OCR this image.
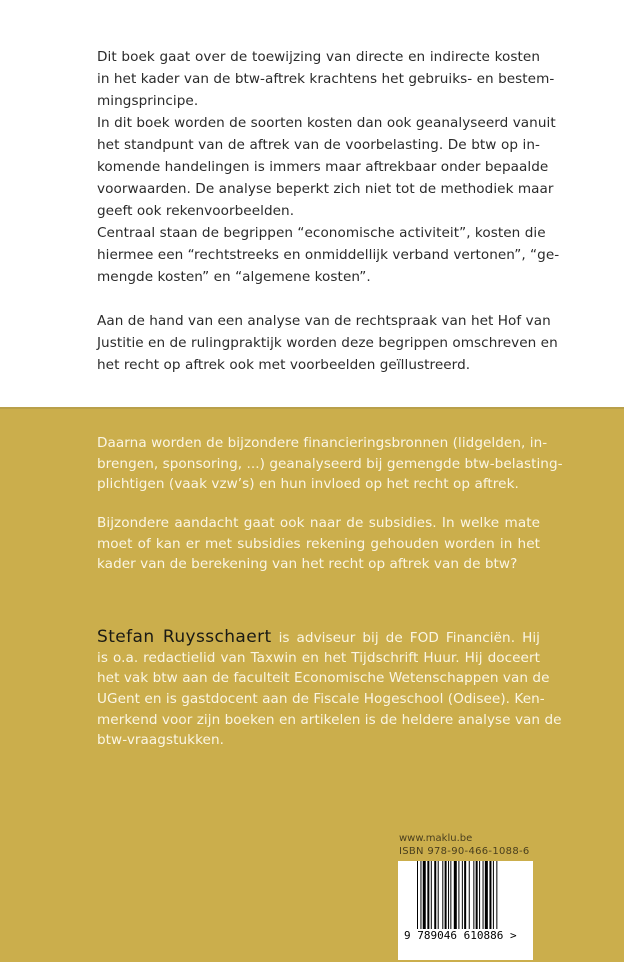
Dit boek gaat over de toewijzing van directe en indirecte kosten
in het kader van de btw-aftrek krachtens het gebruiks- en bestem-
mingsprincipe.
In dit boek worden de soorten kosten dan ook geanalyseerd vanuit
het standpunt van de aftrek van de voorbelasting. De btw op in-
komende handelingen is immers maar aftrekbaar onder bepaalde
voorwaarden. De analyse beperkt zich niet tot de methodiek maar
geeft ook rekenvoorbeelden.
Centraal staan de begrippen “economische activiteit”, kosten die
hiermee een “rechtstreeks en onmiddellijk verband vertonen”, “ge-
mengde kosten” en “algemene kosten”.
Aan de hand van een analyse van de rechtspraak van het Hof van
Justitie en de rulingpraktijk worden deze begrippen omschreven en
het recht op aftrek ook met voorbeelden geïllustreerd.
Daarna worden de bijzondere financieringsbronnen (lidgelden, in-
brengen, sponsoring, ...) geanalyseerd bij gemengde btw-belasting-
plichtigen (vaak vzw’s) en hun invloed op het recht op aftrek.
Bijzondere aandacht gaat ook naar de subsidies. In welke mate
moet of kan er met subsidies rekening gehouden worden in het
kader van de berekening van het recht op aftrek van de btw?
Stefan Ruysschaert is adviseur bij de FOD Financiën. Hij
is o.a. redactielid van Taxwin en het Tijdschrift Huur. Hij doceert
het vak btw aan de faculteit Economische Wetenschappen van de
UGent en is gastdocent aan de Fiscale Hogeschool (Odisee). Ken-
merkend voor zijn boeken en artikelen is de heldere analyse van de
btw-vraagstukken.
www.maklu.be
ISBN 978-90-466-1088-6
9 789046 610886 >
